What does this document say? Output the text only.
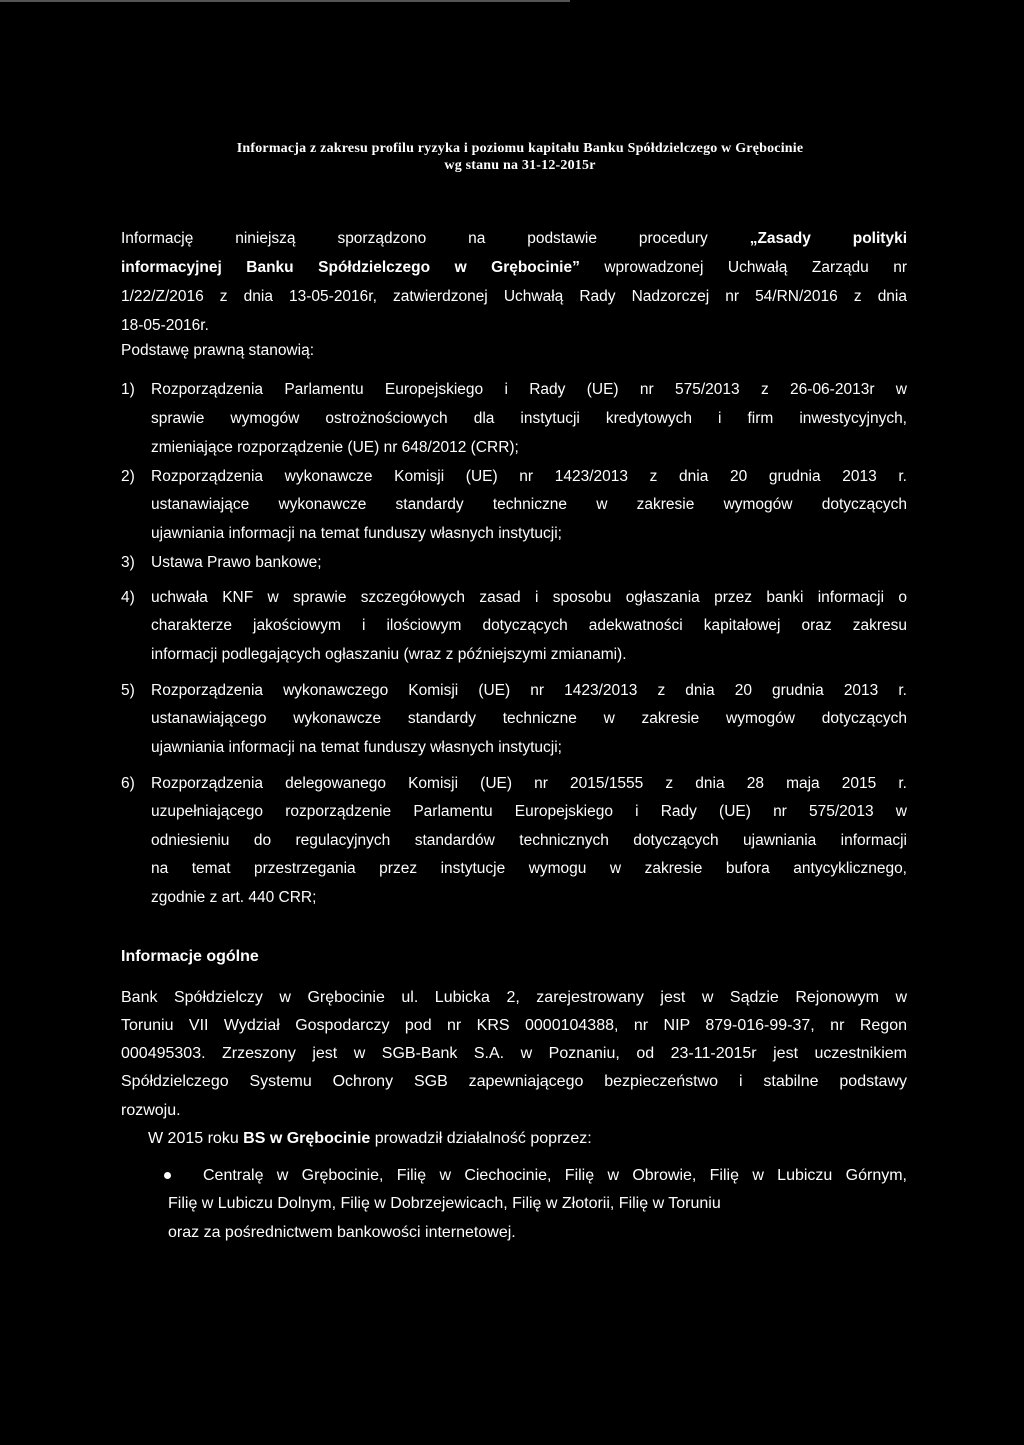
Informacja z zakresu profilu ryzyka i poziomu kapitału Banku Spółdzielczego w Grębocinie
wg stanu na 31-12-2015r
Informację niniejszą sporządzono na podstawie procedury „Zasady polityki
informacyjnej Banku Spółdzielczego w Grębocinie” wprowadzonej Uchwałą Zarządu nr
1/22/Z/2016 z dnia 13-05-2016r, zatwierdzonej Uchwałą Rady Nadzorczej nr 54/RN/2016 z dnia
18-05-2016r.
Podstawę prawną stanowią:
1) Rozporządzenia Parlamentu Europejskiego i Rady (UE) nr 575/2013 z 26-06-2013r w
sprawie wymogów ostrożnościowych dla instytucji kredytowych i firm inwestycyjnych,
zmieniające rozporządzenie (UE) nr 648/2012 (CRR);
2) Rozporządzenia wykonawcze Komisji (UE) nr 1423/2013 z dnia 20 grudnia 2013 r.
ustanawiające wykonawcze standardy techniczne w zakresie wymogów dotyczących
ujawniania informacji na temat funduszy własnych instytucji;
3) Ustawa Prawo bankowe;
4) uchwała KNF w sprawie szczegółowych zasad i sposobu ogłaszania przez banki informacji o
charakterze jakościowym i ilościowym dotyczących adekwatności kapitałowej oraz zakresu
informacji podlegających ogłaszaniu (wraz z późniejszymi zmianami).
5) Rozporządzenia wykonawczego Komisji (UE) nr 1423/2013 z dnia 20 grudnia 2013 r.
ustanawiającego wykonawcze standardy techniczne w zakresie wymogów dotyczących
ujawniania informacji na temat funduszy własnych instytucji;
6) Rozporządzenia delegowanego Komisji (UE) nr 2015/1555 z dnia 28 maja 2015 r.
uzupełniającego rozporządzenie Parlamentu Europejskiego i Rady (UE) nr 575/2013 w
odniesieniu do regulacyjnych standardów technicznych dotyczących ujawniania informacji
na temat przestrzegania przez instytucje wymogu w zakresie bufora antycyklicznego,
zgodnie z art. 440 CRR;
Informacje ogólne
Bank Spółdzielczy w Grębocinie ul. Lubicka 2, zarejestrowany jest w Sądzie Rejonowym w
Toruniu VII Wydział Gospodarczy pod nr KRS 0000104388, nr NIP 879-016-99-37, nr Regon
000495303. Zrzeszony jest w SGB-Bank S.A. w Poznaniu, od 23-11-2015r jest uczestnikiem
Spółdzielczego Systemu Ochrony SGB zapewniającego bezpieczeństwo i stabilne podstawy
rozwoju.
W 2015 roku BS w Grębocinie prowadził działalność poprzez:
Centralę w Grębocinie, Filię w Ciechocinie, Filię w Obrowie, Filię w Lubiczu Górnym,
Filię w Lubiczu Dolnym, Filię w Dobrzejewicach, Filię w Złotorii, Filię w Toruniu
oraz za pośrednictwem bankowości internetowej.
